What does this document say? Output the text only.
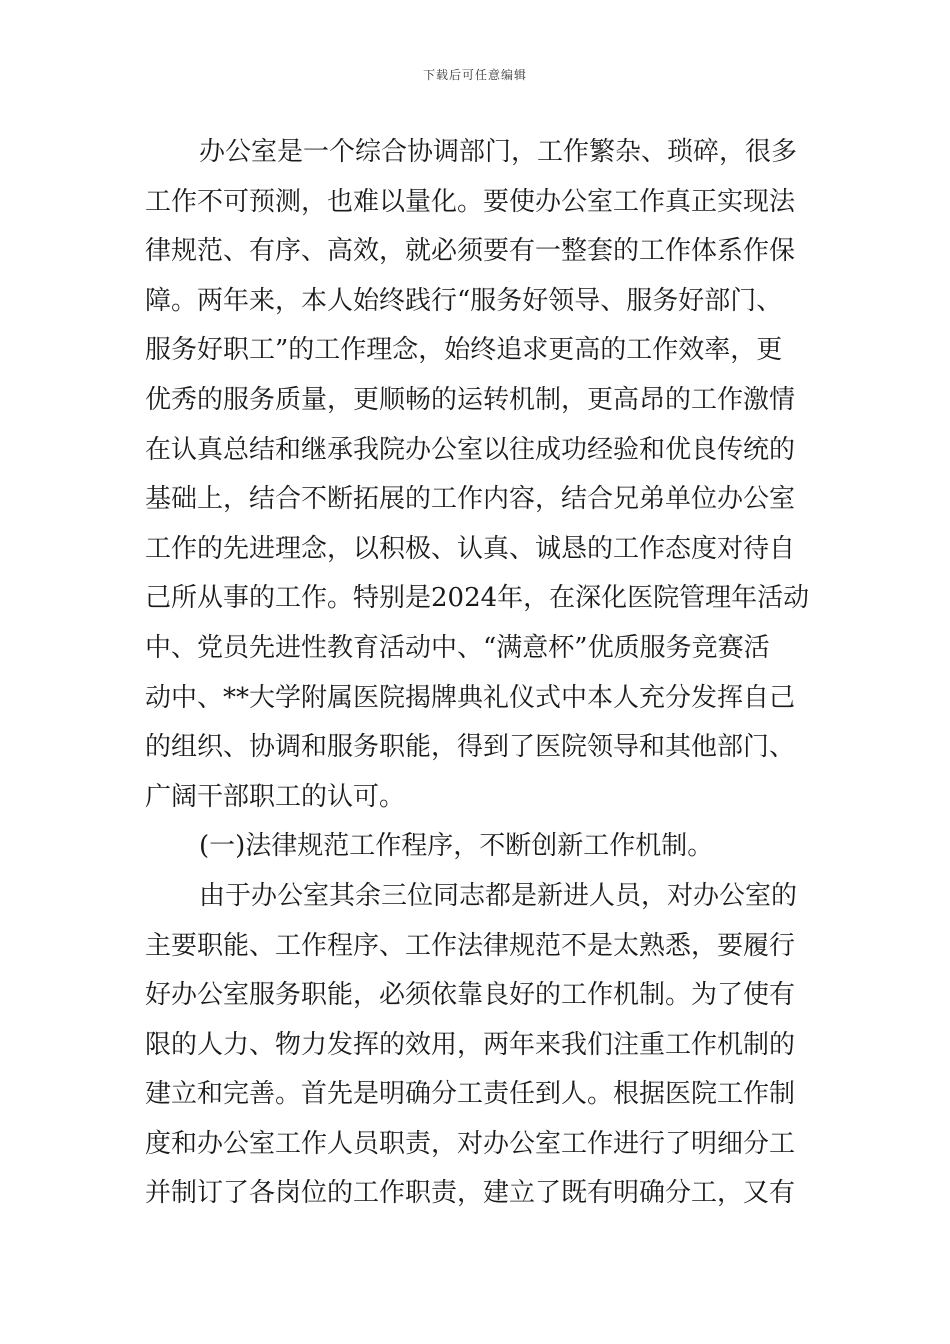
下载后可任意编辑
办公室是一个综合协调部门，工作繁杂、琐碎，很多
工作不可预测，也难以量化。要使办公室工作真正实现法
律规范、有序、高效，就必须要有一整套的工作体系作保
障。两年来，本人始终践行“服务好领导、服务好部门、
服务好职工”的工作理念，始终追求更高的工作效率，更
优秀的服务质量，更顺畅的运转机制，更高昂的工作激情
在认真总结和继承我院办公室以往成功经验和优良传统的
基础上，结合不断拓展的工作内容，结合兄弟单位办公室
工作的先进理念，以积极、认真、诚恳的工作态度对待自
己所从事的工作。特别是2024年，在深化医院管理年活动
中、党员先进性教育活动中、“满意杯”优质服务竞赛活
动中、**大学附属医院揭牌典礼仪式中本人充分发挥自己
的组织、协调和服务职能，得到了医院领导和其他部门、
广阔干部职工的认可。
(一)法律规范工作程序，不断创新工作机制。
由于办公室其余三位同志都是新进人员，对办公室的
主要职能、工作程序、工作法律规范不是太熟悉，要履行
好办公室服务职能，必须依靠良好的工作机制。为了使有
限的人力、物力发挥的效用，两年来我们注重工作机制的
建立和完善。首先是明确分工责任到人。根据医院工作制
度和办公室工作人员职责，对办公室工作进行了明细分工
并制订了各岗位的工作职责，建立了既有明确分工，又有
